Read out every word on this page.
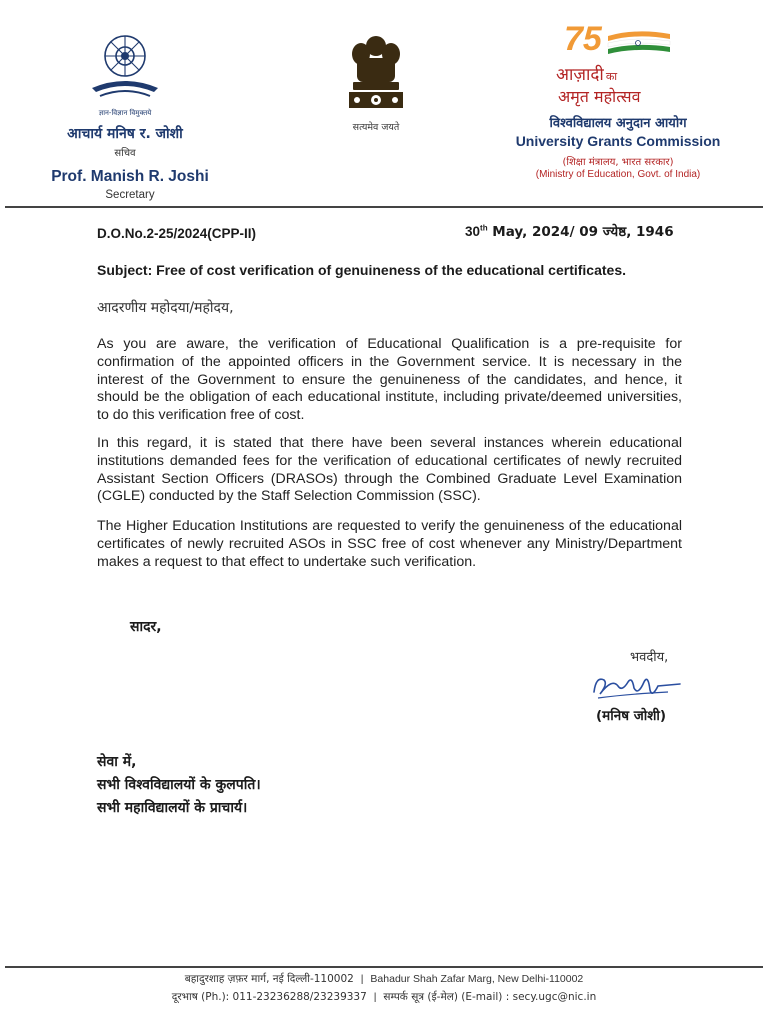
ज्ञान-विज्ञान विमुक्तये
आचार्य मनिष र. जोशी
सचिव
Prof. Manish R. Joshi
Secretary
सत्यमेव जयते
75
आज़ादी का
अमृत महोत्सव
विश्वविद्यालय अनुदान आयोग
University Grants Commission
(शिक्षा मंत्रालय, भारत सरकार)
(Ministry of Education, Govt. of India)
D.O.No.2-25/2024(CPP-II)	30th May, 2024/ 09 ज्येष्ठ, 1946
Subject: Free of cost verification of genuineness of the educational certificates.
आदरणीय महोदया/महोदय,
As you are aware, the verification of Educational Qualification is a pre-requisite for confirmation of the appointed officers in the Government service. It is necessary in the interest of the Government to ensure the genuineness of the candidates, and hence, it should be the obligation of each educational institute, including private/deemed universities, to do this verification free of cost.
In this regard, it is stated that there have been several instances wherein educational institutions demanded fees for the verification of educational certificates of newly recruited Assistant Section Officers (DRASOs) through the Combined Graduate Level Examination (CGLE) conducted by the Staff Selection Commission (SSC).
The Higher Education Institutions are requested to verify the genuineness of the educational certificates of newly recruited ASOs in SSC free of cost whenever any Ministry/Department makes a request to that effect to undertake such verification.
सादर,
भवदीय,
(मनिष जोशी)
सेवा में,
सभी विश्वविद्यालयों के कुलपति।
सभी महाविद्यालयों के प्राचार्य।
बहादुरशाह ज़फ़र मार्ग, नई दिल्ली-110002 | Bahadur Shah Zafar Marg, New Delhi-110002
दूरभाष (Ph.): 011-23236288/23239337 | सम्पर्क सूत्र (ई-मेल) (E-mail) : secy.ugc@nic.in
